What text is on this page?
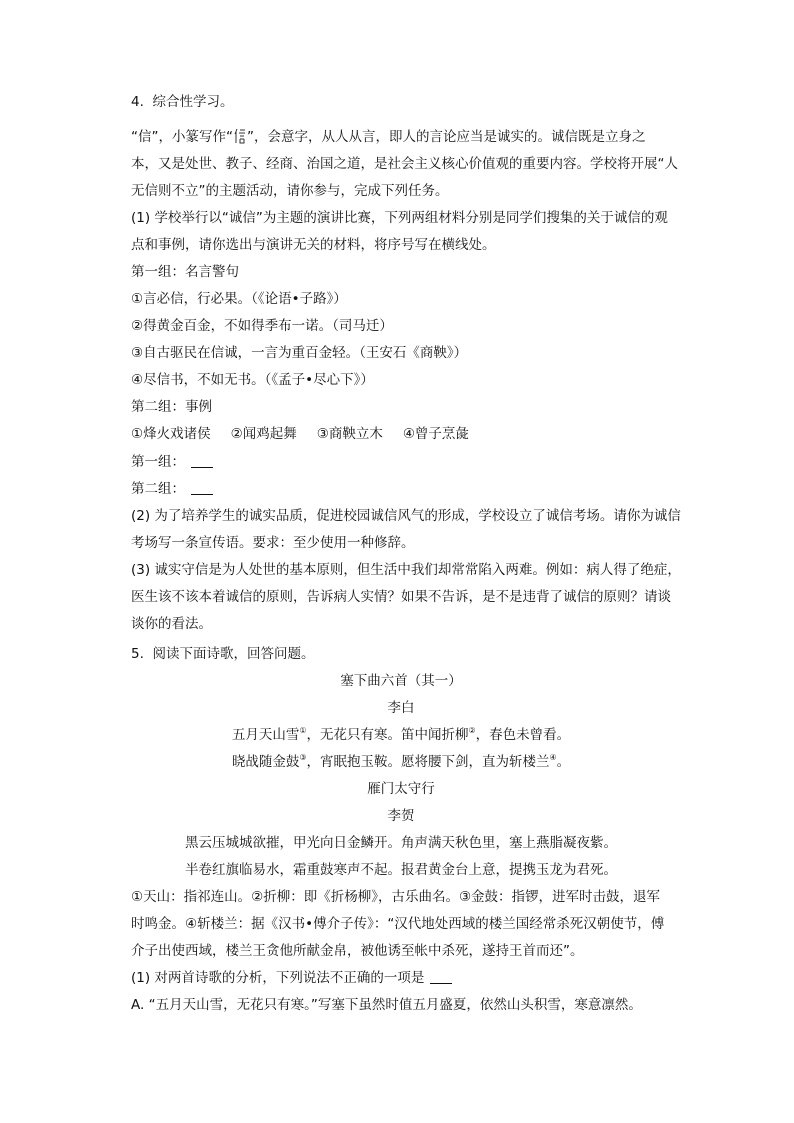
4.  综合性学习。
“信”，小篆写作“ ”，会意字，从人从言，即人的言论应当是诚实的。诚信既是立身之
本，又是处世、教子、经商、治国之道，是社会主义核心价值观的重要内容。学校将开展“人
无信则不立”的主题活动，请你参与，完成下列任务。
(1) 学校举行以“诚信”为主题的演讲比赛，下列两组材料分别是同学们搜集的关于诚信的观
点和事例，请你选出与演讲无关的材料，将序号写在横线处。
第一组：名言警句
①言必信，行必果。（《论语•子路》）
②得黄金百金，不如得季布一诺。（司马迁）
③自古驱民在信诚，一言为重百金轻。（王安石《商鞅》）
④尽信书，不如无书。（《孟子•尽心下》）
第二组：事例
①烽火戏诸侯 ②闻鸡起舞 ③商鞅立木 ④曾子烹彘
第一组：
第二组：
(2) 为了培养学生的诚实品质，促进校园诚信风气的形成，学校设立了诚信考场。请你为诚信
考场写一条宣传语。要求：至少使用一种修辞。
(3) 诚实守信是为人处世的基本原则，但生活中我们却常常陷入两难。例如：病人得了绝症，
医生该不该本着诚信的原则，告诉病人实情？如果不告诉，是不是违背了诚信的原则？请谈
谈你的看法。
5.  阅读下面诗歌，回答问题。
塞下曲六首（其一）
李白
五月天山雪①，无花只有寒。笛中闻折柳②，春色未曾看。
晓战随金鼓③，宵眠抱玉鞍。愿将腰下剑，直为斩楼兰④。
雁门太守行
李贺
黑云压城城欲摧，甲光向日金鳞开。角声满天秋色里，塞上燕脂凝夜紫。
半卷红旗临易水，霜重鼓寒声不起。报君黄金台上意，提携玉龙为君死。
①天山：指祁连山。②折柳：即《折杨柳》，古乐曲名。③金鼓：指锣，进军时击鼓，退军
时鸣金。④斩楼兰：据《汉书•傅介子传》：“汉代地处西域的楼兰国经常杀死汉朝使节，傅
介子出使西域，楼兰王贪他所献金帛，被他诱至帐中杀死，遂持王首而还”。
(1) 对两首诗歌的分析，下列说法不正确的一项是
A. “五月天山雪，无花只有寒。”写塞下虽然时值五月盛夏，依然山头积雪，寒意凛然。
